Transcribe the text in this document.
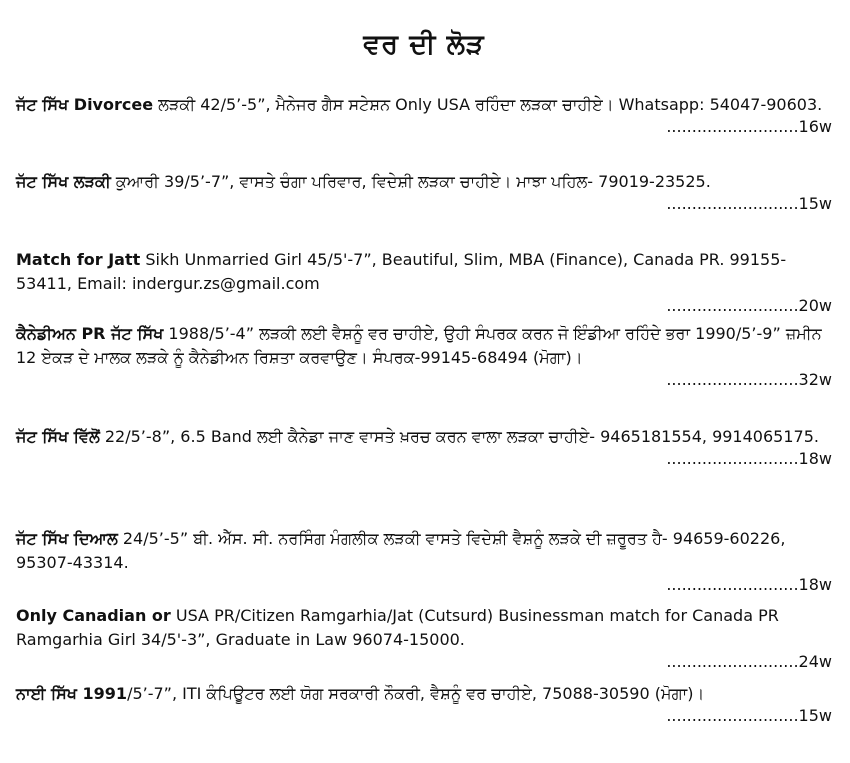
ਵਰ ਦੀ ਲੋੜ
ਜੱਟ ਸਿੱਖ Divorcee ਲੜਕੀ 42/5’-5”, ਮੈਨੇਜਰ ਗੈਸ ਸਟੇਸ਼ਨ Only USA ਰਹਿੰਦਾ ਲੜਕਾ ਚਾਹੀਏ। Whatsapp: 54047-90603.
..........................16w
ਜੱਟ ਸਿੱਖ ਲੜਕੀ ਕੁਆਰੀ 39/5’-7”, ਵਾਸਤੇ ਚੰਗਾ ਪਰਿਵਾਰ, ਵਿਦੇਸ਼ੀ ਲੜਕਾ ਚਾਹੀਏ। ਮਾਝਾ ਪਹਿਲ- 79019-23525.
..........................15w
Match for Jatt Sikh Unmarried Girl 45/5'-7”, Beautiful, Slim, MBA (Finance), Canada PR. 99155-53411, Email: indergur.zs@gmail.com
..........................20w
ਕੈਨੇਡੀਅਨ PR ਜੱਟ ਸਿੱਖ 1988/5’-4” ਲੜਕੀ ਲਈ ਵੈਸ਼ਨੂੰ ਵਰ ਚਾਹੀਏ, ਉਹੀ ਸੰਪਰਕ ਕਰਨ ਜੋ ਇੰਡੀਆ ਰਹਿੰਦੇ ਭਰਾ 1990/5’-9” ਜ਼ਮੀਨ 12 ਏਕੜ ਦੇ ਮਾਲਕ ਲੜਕੇ ਨੂੰ ਕੈਨੇਡੀਅਨ ਰਿਸ਼ਤਾ ਕਰਵਾਉਣ। ਸੰਪਰਕ-99145-68494 (ਮੋਗਾ)।
..........................32w
ਜੱਟ ਸਿੱਖ ਵਿੱਲੋਂ 22/5’-8”, 6.5 Band ਲਈ ਕੈਨੇਡਾ ਜਾਣ ਵਾਸਤੇ ਖ਼ਰਚ ਕਰਨ ਵਾਲਾ ਲੜਕਾ ਚਾਹੀਏ- 9465181554, 9914065175.
..........................18w
ਜੱਟ ਸਿੱਖ ਦਿਆਲ 24/5’-5” ਬੀ. ਐੱਸ. ਸੀ. ਨਰਸਿੰਗ ਮੰਗਲੀਕ ਲੜਕੀ ਵਾਸਤੇ ਵਿਦੇਸ਼ੀ ਵੈਸ਼ਨੂੰ ਲੜਕੇ ਦੀ ਜ਼ਰੂਰਤ ਹੈ- 94659-60226, 95307-43314.
..........................18w
Only Canadian or USA PR/Citizen Ramgarhia/Jat (Cutsurd) Businessman match for Canada PR Ramgarhia Girl 34/5'-3”, Graduate in Law 96074-15000.
..........................24w
ਨਾਈ ਸਿੱਖ 1991/5’-7”, ITI ਕੰਪਿਊਟਰ ਲਈ ਯੋਗ ਸਰਕਾਰੀ ਨੌਕਰੀ, ਵੈਸ਼ਨੂੰ ਵਰ ਚਾਹੀਏ, 75088-30590 (ਮੋਗਾ)।
..........................15w
